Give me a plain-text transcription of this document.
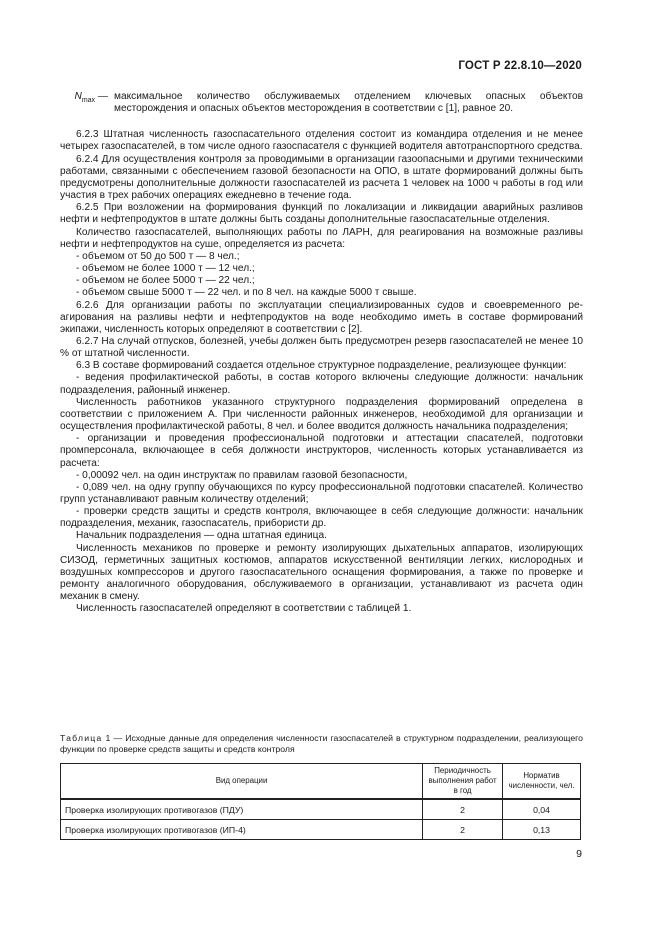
ГОСТ Р 22.8.10—2020
$N_{max}$ — максимальное количество обслуживаемых отделением ключевых опасных объектов месторождения и опасных объектов месторождения в соответствии с [1], равное 20.

6.2.3 Штатная численность газоспасательного отделения состоит из командира отделения и не менее четырех газоспасателей, в том числе одного газоспасателя с функцией водителя автотранспортного средства.

6.2.4 Для осуществления контроля за проводимыми в организации газоопасными и другими техническими работами, связанными с обеспечением газовой безопасности на ОПО, в штате формирований должны быть предусмотрены дополнительные должности газоспасателей из расчета 1 человек на 1000 ч работы в год или участия в трех рабочих операциях ежедневно в течение года.

6.2.5 При возложении на формирования функций по локализации и ликвидации аварийных разливов нефти и нефтепродуктов в штате должны быть созданы дополнительные газоспасательные отделения.

Количество газоспасателей, выполняющих работы по ЛАРН, для реагирования на возможные разливы нефти и нефтепродуктов на суше, определяется из расчета:

- объемом от 50 до 500 т — 8 чел.;

- объемом не более 1000 т — 12 чел.;

- объемом не более 5000 т — 22 чел.;

- объемом свыше 5000 т — 22 чел. и по 8 чел. на каждые 5000 т свыше.

6.2.6 Для организации работы по эксплуатации специализированных судов и своевременного реагирования на разливы нефти и нефтепродуктов на воде необходимо иметь в составе формирований экипажи, численность которых определяют в соответствии с [2].

6.2.7 На случай отпусков, болезней, учебы должен быть предусмотрен резерв газоспасателей не менее 10 % от штатной численности.

6.3 В составе формирований создается отдельное структурное подразделение, реализующее функции:

- ведения профилактической работы, в состав которого включены следующие должности: начальник подразделения, районный инженер.

Численность работников указанного структурного подразделения формирований определена в соответствии с приложением А. При численности районных инженеров, необходимой для организации и осуществления профилактической работы, 8 чел. и более вводится должность начальника подразделения;

- организации и проведения профессиональной подготовки и аттестации спасателей, подготовки промперсонала, включающее в себя должности инструкторов, численность которых устанавливается из расчета:

- 0,00092 чел. на один инструктаж по правилам газовой безопасности,

- 0,089 чел. на одну группу обучающихся по курсу профессиональной подготовки спасателей. Количество групп устанавливают равным количеству отделений;

- проверки средств защиты и средств контроля, включающее в себя следующие должности: начальник подразделения, механик, газоспасатель, прибористи др.

Начальник подразделения — одна штатная единица.

Численность механиков по проверке и ремонту изолирующих дыхательных аппаратов, изолирующих СИЗОД, герметичных защитных костюмов, аппаратов искусственной вентиляции легких, кислородных и воздушных компрессоров и другого газоспасательного оснащения формирования, а также по проверке и ремонту аналогичного оборудования, обслуживаемого в организации, устанавливают из расчета один механик в смену.

Численность газоспасателей определяют в соответствии с таблицей 1.

Таблица 1 — Исходные данные для определения численности газоспасателей в структурном подразделении, реализующего функции по проверке средств защиты и средств контроля
Вид операции	Периодичность выполнения работ в год	Норматив численности, чел.
Проверка изолирующих противогазов (ПДУ)	2	0,04
Проверка изолирующих противогазов (ИП-4)	2	0,13
9
